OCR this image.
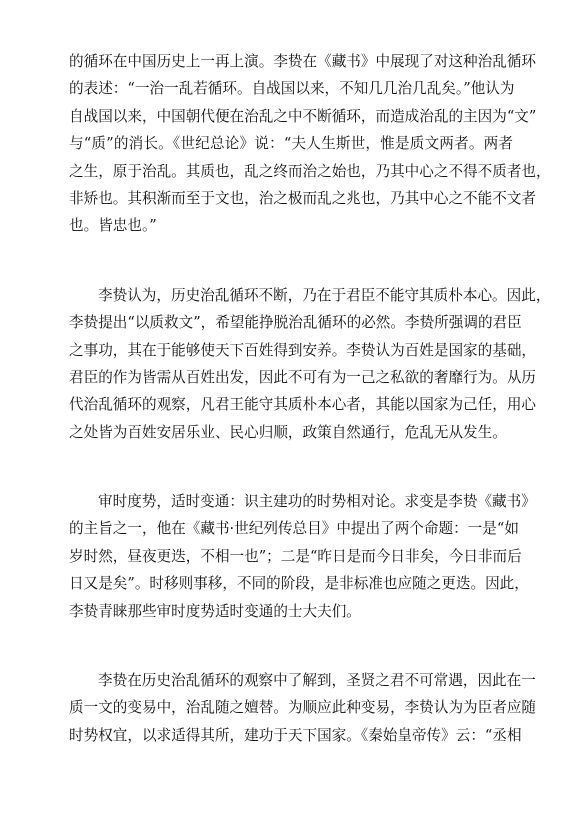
的循环在中国历史上一再上演。李贽在《藏书》中展现了对这种治乱循环
的表述：“一治一乱若循环。自战国以来，不知几几治几乱矣。”他认为
自战国以来，中国朝代便在治乱之中不断循环，而造成治乱的主因为“文”
与“质”的消长。《世纪总论》说：“夫人生斯世，惟是质文两者。两者
之生，原于治乱。其质也，乱之终而治之始也，乃其中心之不得不质者也，
非矫也。其积渐而至于文也，治之极而乱之兆也，乃其中心之不能不文者
也。皆忠也。”
李贽认为，历史治乱循环不断，乃在于君臣不能守其质朴本心。因此，
李贽提出“以质救文”，希望能挣脱治乱循环的必然。李贽所强调的君臣
之事功，其在于能够使天下百姓得到安养。李贽认为百姓是国家的基础，
君臣的作为皆需从百姓出发，因此不可有为一己之私欲的奢靡行为。从历
代治乱循环的观察，凡君王能守其质朴本心者，其能以国家为己任，用心
之处皆为百姓安居乐业、民心归顺，政策自然通行，危乱无从发生。
审时度势，适时变通：识主建功的时势相对论。求变是李贽《藏书》
的主旨之一，他在《藏书·世纪列传总目》中提出了两个命题：一是“如
岁时然，昼夜更迭，不相一也”；二是“昨日是而今日非矣，今日非而后
日又是矣”。时移则事移，不同的阶段，是非标准也应随之更迭。因此，
李贽青睐那些审时度势适时变通的士大夫们。
李贽在历史治乱循环的观察中了解到，圣贤之君不可常遇，因此在一
质一文的变易中，治乱随之嬗替。为顺应此种变易，李贽认为为臣者应随
时势权宜，以求适得其所，建功于天下国家。《秦始皇帝传》云：“丞相
